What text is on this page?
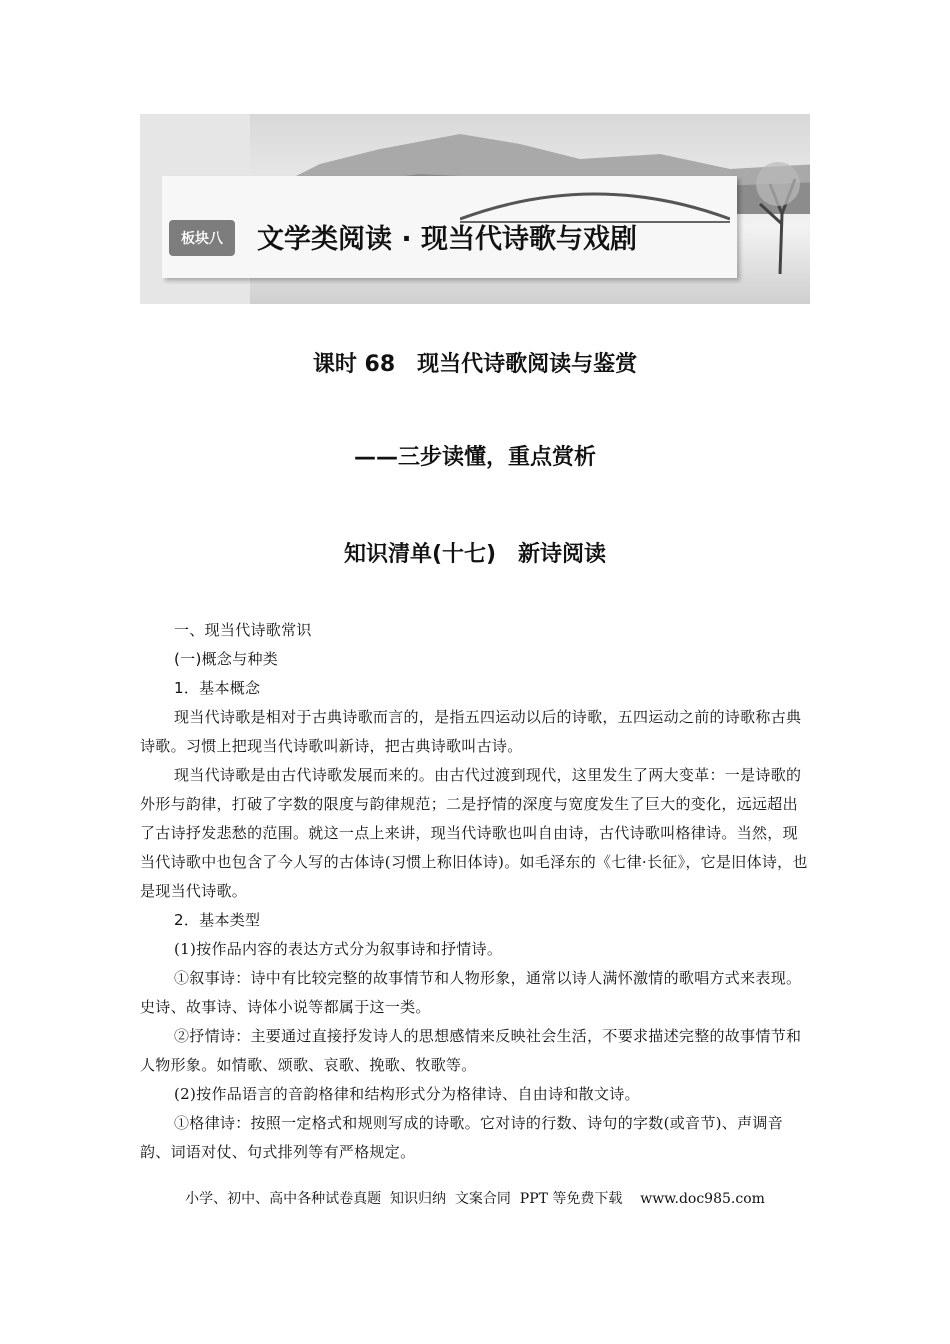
板块八	文学类阅读 · 现当代诗歌与戏剧
课时 68　现当代诗歌阅读与鉴赏
——三步读懂，重点赏析
知识清单(十七)　新诗阅读

一、现当代诗歌常识

(一)概念与种类

1．基本概念

现当代诗歌是相对于古典诗歌而言的，是指五四运动以后的诗歌，五四运动之前的诗歌称古典诗歌。习惯上把现当代诗歌叫新诗，把古典诗歌叫古诗。

现当代诗歌是由古代诗歌发展而来的。由古代过渡到现代，这里发生了两大变革：一是诗歌的外形与韵律，打破了字数的限度与韵律规范；二是抒情的深度与宽度发生了巨大的变化，远远超出了古诗抒发悲愁的范围。就这一点上来讲，现当代诗歌也叫自由诗，古代诗歌叫格律诗。当然，现当代诗歌中也包含了今人写的古体诗(习惯上称旧体诗)。如毛泽东的《七律·长征》，它是旧体诗，也是现当代诗歌。

2．基本类型

(1)按作品内容的表达方式分为叙事诗和抒情诗。

①叙事诗：诗中有比较完整的故事情节和人物形象，通常以诗人满怀激情的歌唱方式来表现。史诗、故事诗、诗体小说等都属于这一类。

②抒情诗：主要通过直接抒发诗人的思想感情来反映社会生活，不要求描述完整的故事情节和人物形象。如情歌、颂歌、哀歌、挽歌、牧歌等。

(2)按作品语言的音韵格律和结构形式分为格律诗、自由诗和散文诗。

①格律诗：按照一定格式和规则写成的诗歌。它对诗的行数、诗句的字数(或音节)、声调音韵、词语对仗、句式排列等有严格规定。

小学、初中、高中各种试卷真题  知识归纳  文案合同  PPT 等免费下载    www.doc985.com
